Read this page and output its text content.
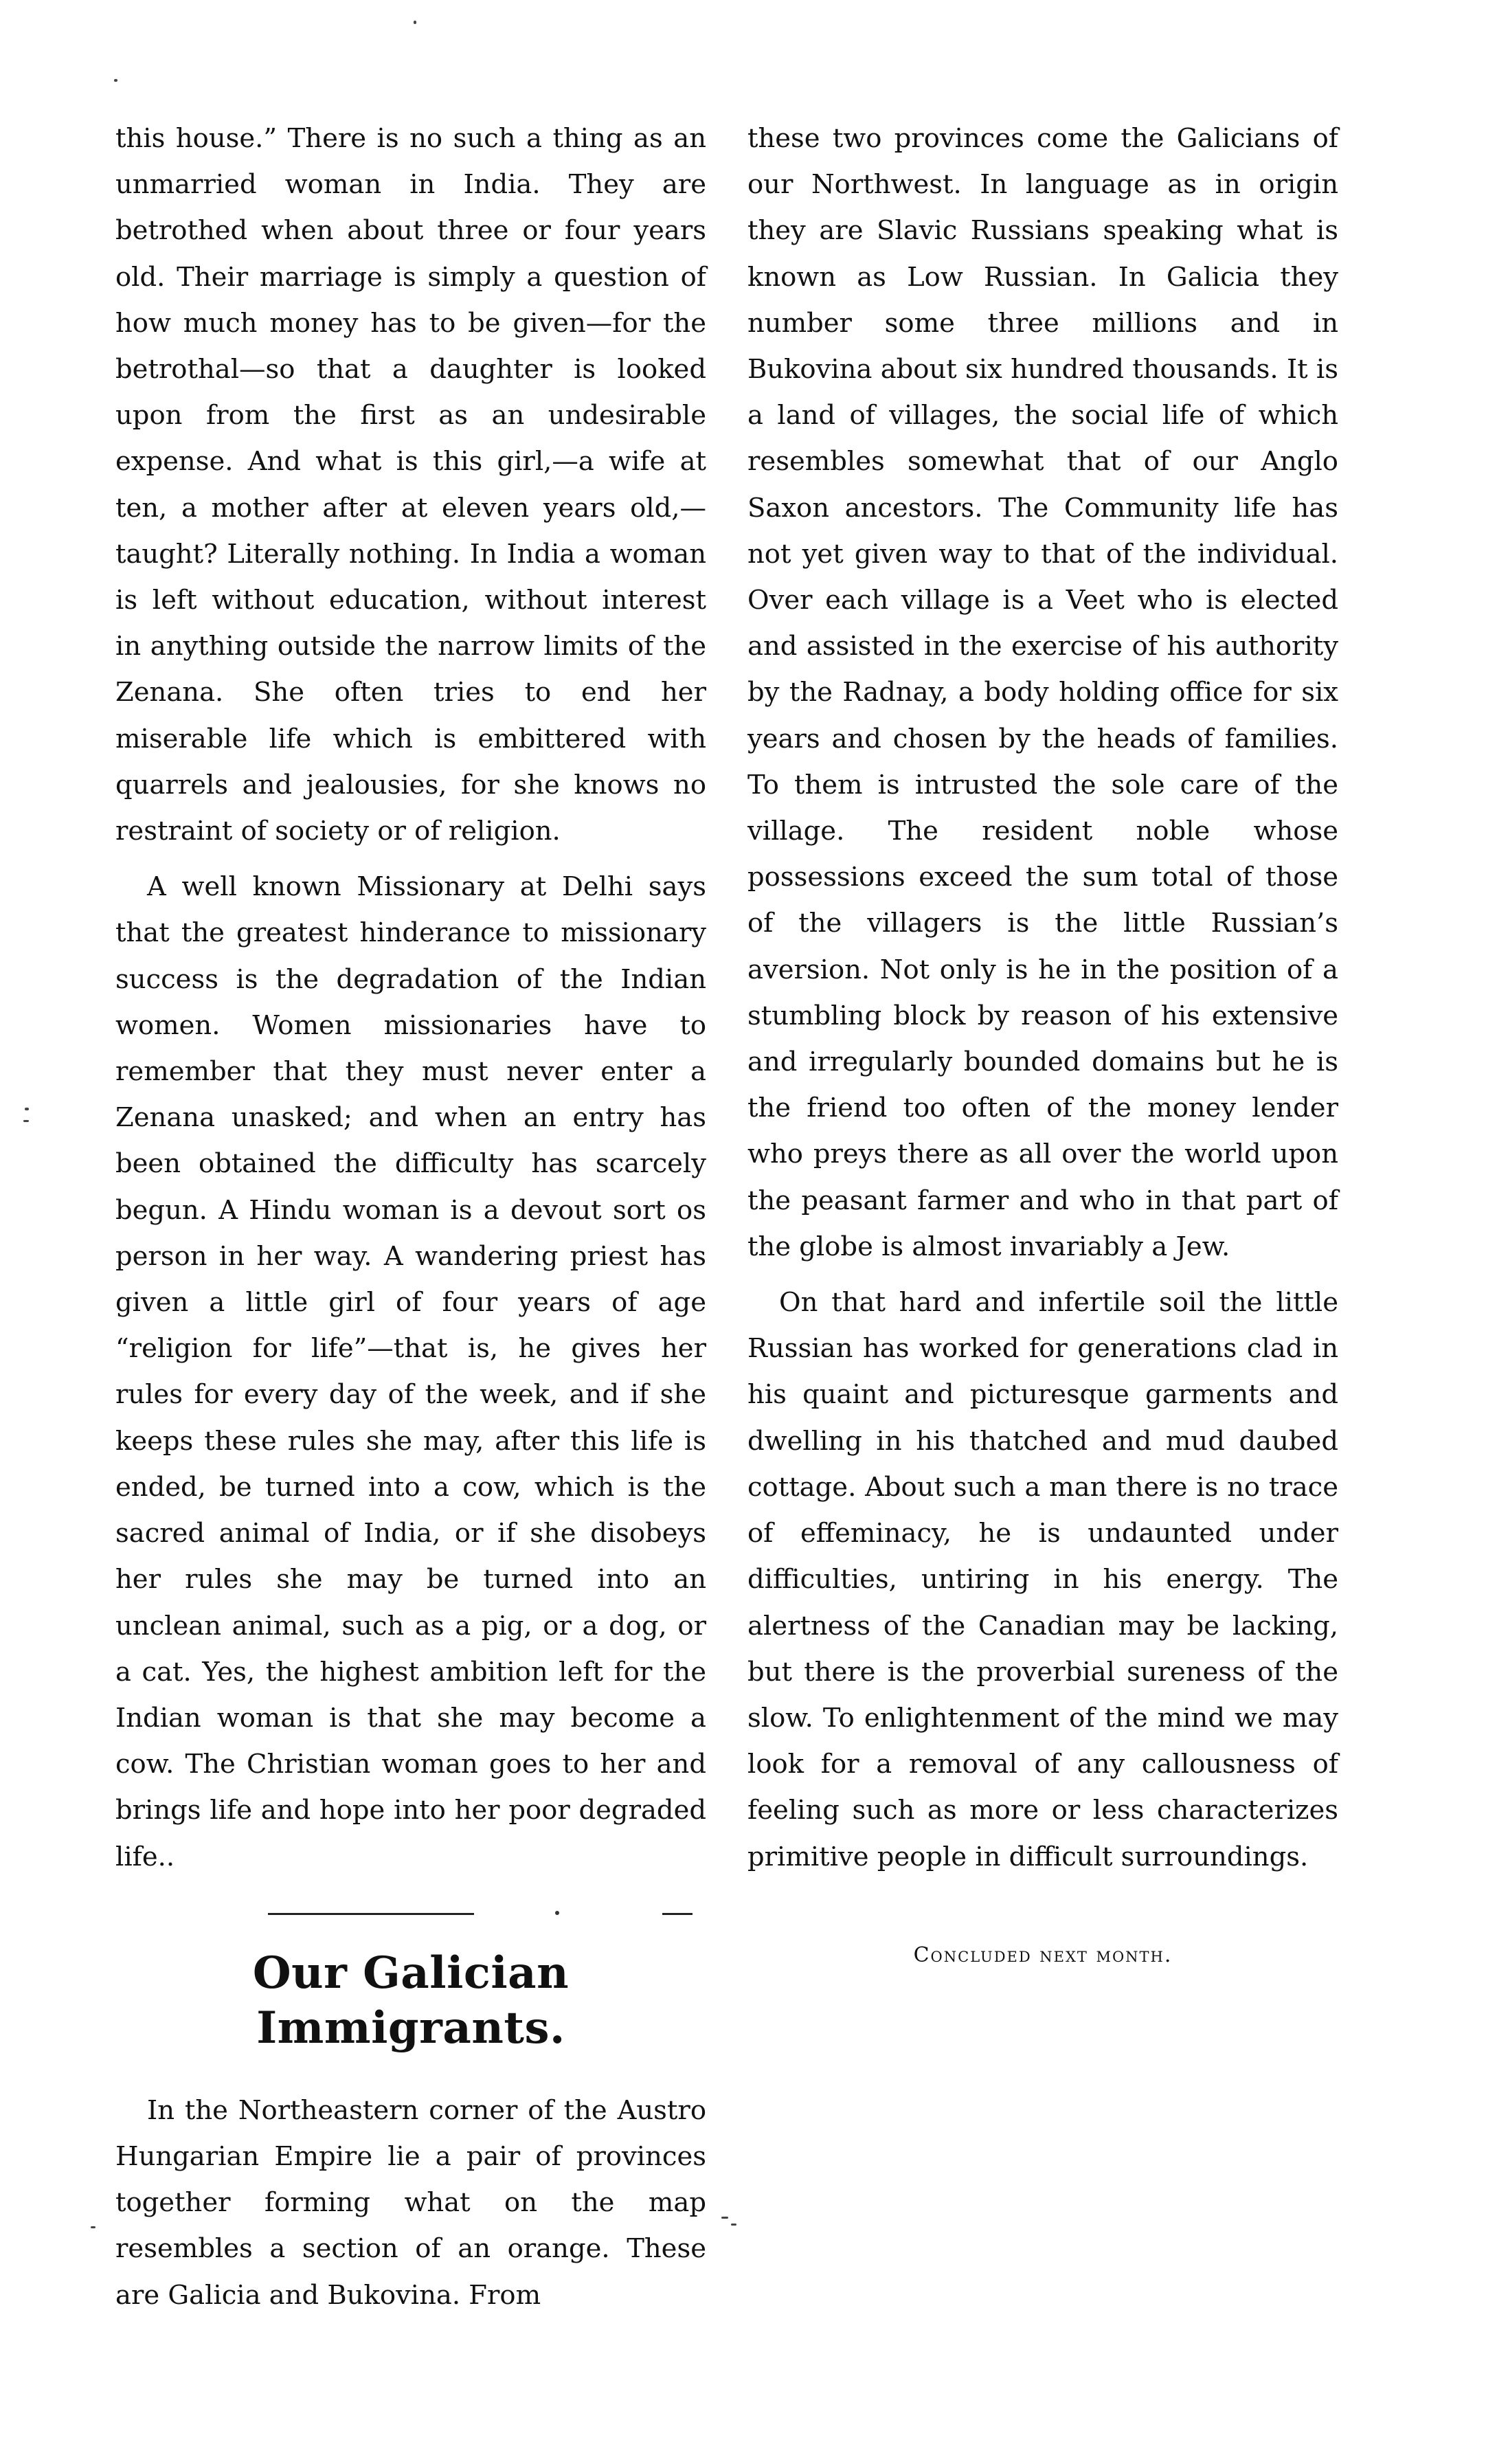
this house.” There is no such a thing as an unmarried woman in India. They are betrothed when about three or four years old. Their marriage is simply a question of how much money has to be given—for the betrothal—so that a daughter is looked upon from the first as an undesirable expense. And what is this girl,—a wife at ten, a mother after at eleven years old,—taught? Literally nothing. In India a woman is left without education, without interest in anything outside the narrow limits of the Zenana. She often tries to end her miserable life which is embittered with quarrels and jealousies, for she knows no restraint of society or of religion.

A well known Missionary at Delhi says that the greatest hinderance to missionary success is the degradation of the Indian women. Women missionaries have to remember that they must never enter a Zenana unasked; and when an entry has been obtained the difficulty has scarcely begun. A Hindu woman is a devout sort os person in her way. A wandering priest has given a little girl of four years of age “religion for life”—that is, he gives her rules for every day of the week, and if she keeps these rules she may, after this life is ended, be turned into a cow, which is the sacred animal of India, or if she disobeys her rules she may be turned into an unclean animal, such as a pig, or a dog, or a cat. Yes, the highest ambition left for the Indian woman is that she may become a cow. The Christian woman goes to her and brings life and hope into her poor degraded life..

Our Galician Immigrants.

In the Northeastern corner of the Austro Hungarian Empire lie a pair of provinces together forming what on the map resembles a section of an orange. These are Galicia and Bukovina. From

these two provinces come the Galicians of our Northwest. In language as in origin they are Slavic Russians speaking what is known as Low Russian. In Galicia they number some three millions and in Bukovina about six hundred thousands. It is a land of villages, the social life of which resembles somewhat that of our Anglo Saxon ancestors. The Community life has not yet given way to that of the individual. Over each village is a Veet who is elected and assisted in the exercise of his authority by the Radnay, a body holding office for six years and chosen by the heads of families. To them is intrusted the sole care of the village. The resident noble whose possessions exceed the sum total of those of the villagers is the little Russian’s aversion. Not only is he in the position of a stumbling block by reason of his extensive and irregularly bounded domains but he is the friend too often of the money lender who preys there as all over the world upon the peasant farmer and who in that part of the globe is almost invariably a Jew.

On that hard and infertile soil the little Russian has worked for generations clad in his quaint and picturesque garments and dwelling in his thatched and mud daubed cottage. About such a man there is no trace of effeminacy, he is undaunted under difficulties, untiring in his energy. The alertness of the Canadian may be lacking, but there is the proverbial sureness of the slow. To enlightenment of the mind we may look for a removal of any callousness of feeling such as more or less characterizes primitive people in difficult surroundings.

Concluded next month.
